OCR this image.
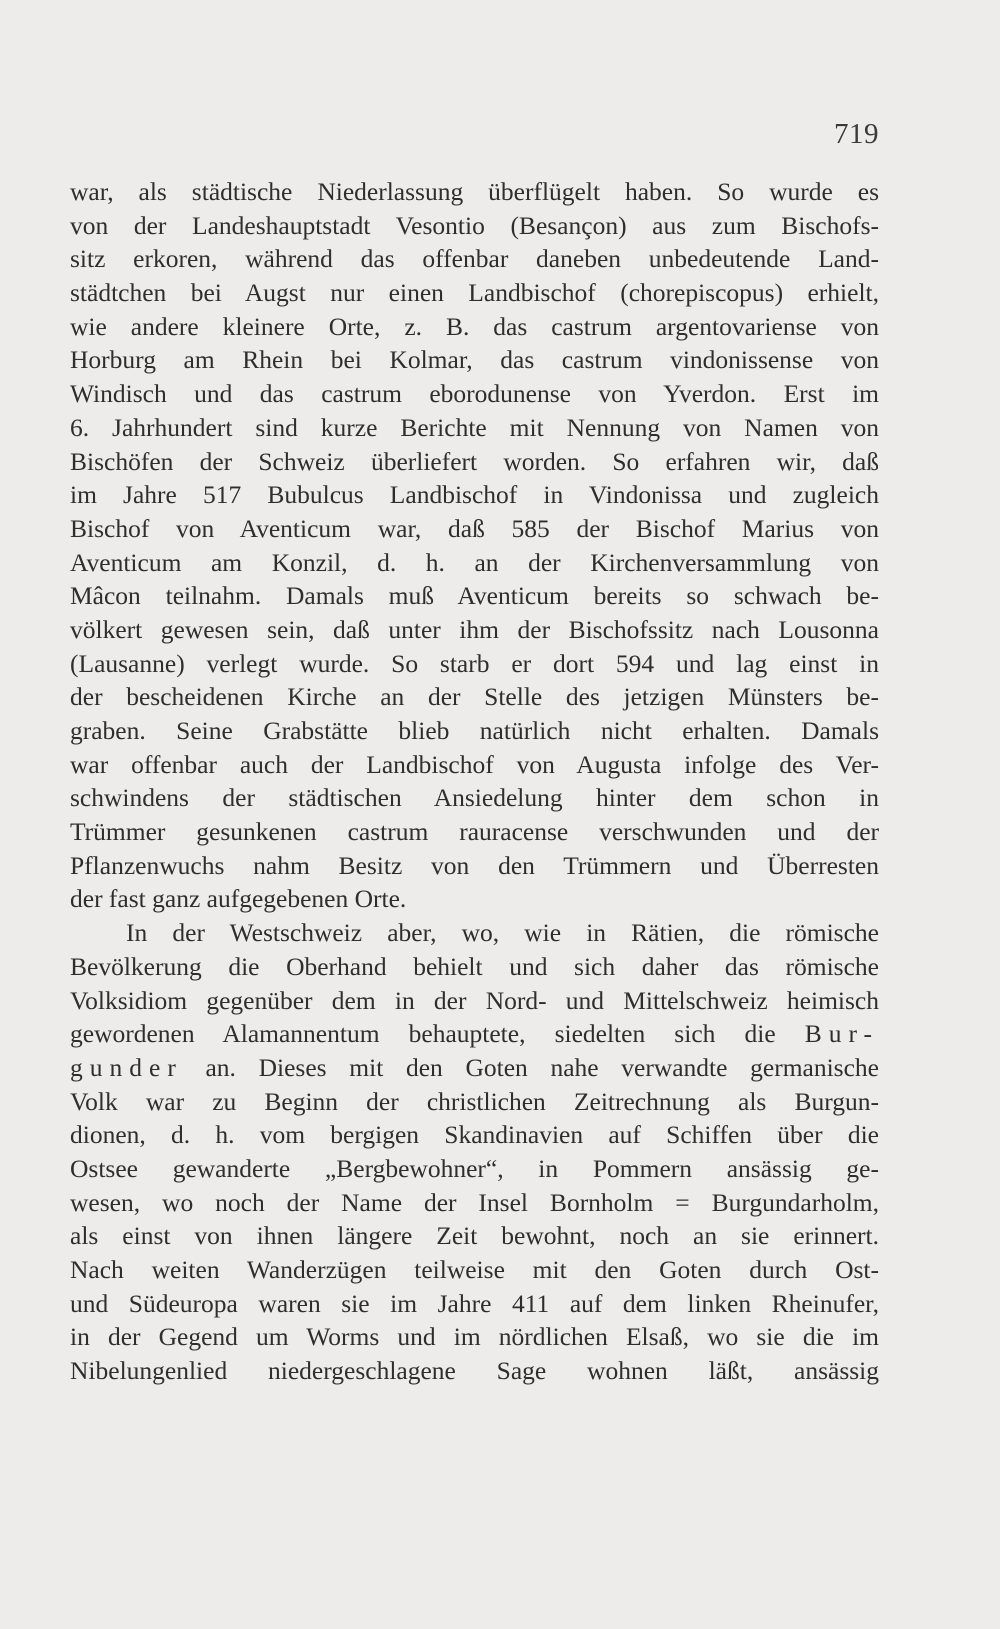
719
war, als städtische Niederlassung überflügelt haben. So wurde es
von der Landeshauptstadt Vesontio (Besançon) aus zum Bischofs-
sitz erkoren, während das offenbar daneben unbedeutende Land-
städtchen bei Augst nur einen Landbischof (chorepiscopus) erhielt,
wie andere kleinere Orte, z. B. das castrum argentovariense von
Horburg am Rhein bei Kolmar, das castrum vindonissense von
Windisch und das castrum eborodunense von Yverdon. Erst im
6. Jahrhundert sind kurze Berichte mit Nennung von Namen von
Bischöfen der Schweiz überliefert worden. So erfahren wir, daß
im Jahre 517 Bubulcus Landbischof in Vindonissa und zugleich
Bischof von Aventicum war, daß 585 der Bischof Marius von
Aventicum am Konzil, d. h. an der Kirchenversammlung von
Mâcon teilnahm. Damals muß Aventicum bereits so schwach be-
völkert gewesen sein, daß unter ihm der Bischofssitz nach Lousonna
(Lausanne) verlegt wurde. So starb er dort 594 und lag einst in
der bescheidenen Kirche an der Stelle des jetzigen Münsters be-
graben. Seine Grabstätte blieb natürlich nicht erhalten. Damals
war offenbar auch der Landbischof von Augusta infolge des Ver-
schwindens der städtischen Ansiedelung hinter dem schon in
Trümmer gesunkenen castrum rauracense verschwunden und der
Pflanzenwuchs nahm Besitz von den Trümmern und Überresten
der fast ganz aufgegebenen Orte.
In der Westschweiz aber, wo, wie in Rätien, die römische
Bevölkerung die Oberhand behielt und sich daher das römische
Volksidiom gegenüber dem in der Nord- und Mittelschweiz heimisch
gewordenen Alamannentum behauptete, siedelten sich die Bur-
gunder an. Dieses mit den Goten nahe verwandte germanische
Volk war zu Beginn der christlichen Zeitrechnung als Burgun-
dionen, d. h. vom bergigen Skandinavien auf Schiffen über die
Ostsee gewanderte „Bergbewohner“, in Pommern ansässig ge-
wesen, wo noch der Name der Insel Bornholm = Burgundarholm,
als einst von ihnen längere Zeit bewohnt, noch an sie erinnert.
Nach weiten Wanderzügen teilweise mit den Goten durch Ost-
und Südeuropa waren sie im Jahre 411 auf dem linken Rheinufer,
in der Gegend um Worms und im nördlichen Elsaß, wo sie die im
Nibelungenlied niedergeschlagene Sage wohnen läßt, ansässig
